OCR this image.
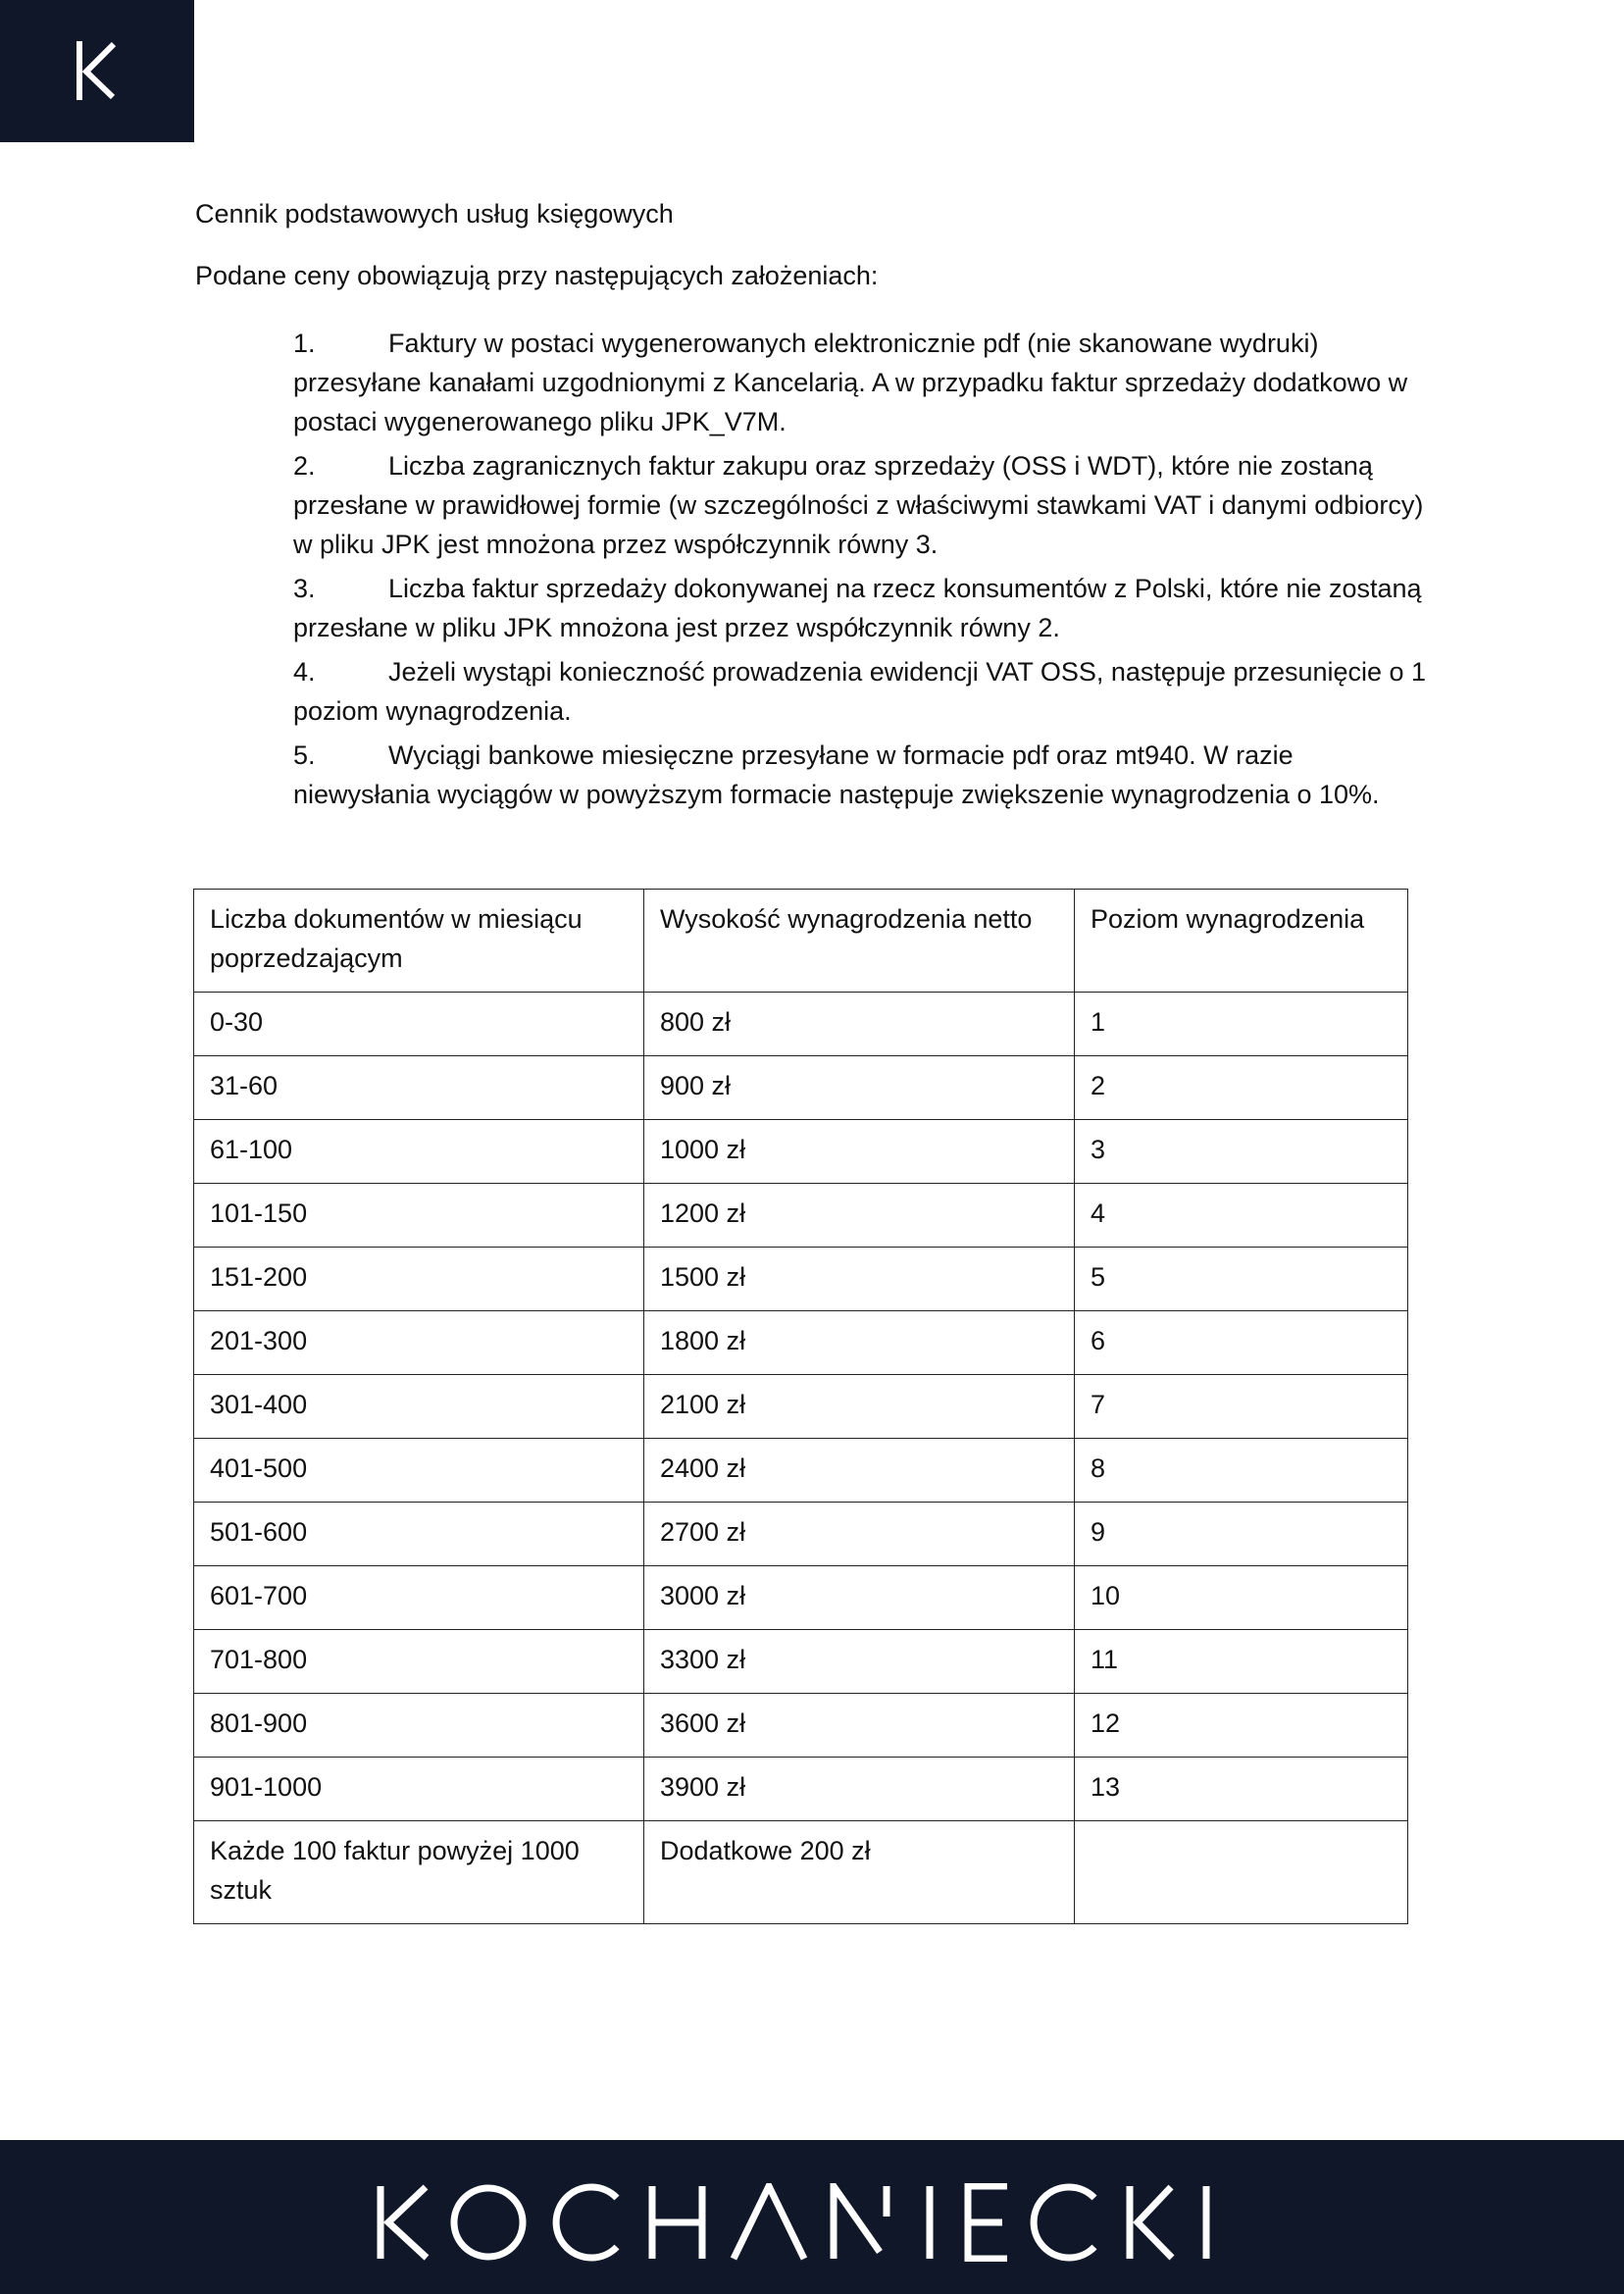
Cennik podstawowych usług księgowych

Podane ceny obowiązują przy następujących założeniach:

1.	Faktury w postaci wygenerowanych elektronicznie pdf (nie skanowane wydruki) przesyłane kanałami uzgodnionymi z Kancelarią. A w przypadku faktur sprzedaży dodatkowo w postaci wygenerowanego pliku JPK_V7M.
2.	Liczba zagranicznych faktur zakupu oraz sprzedaży (OSS i WDT), które nie zostaną przesłane w prawidłowej formie (w szczególności z właściwymi stawkami VAT i danymi odbiorcy) w pliku JPK jest mnożona przez współczynnik równy 3.
3.	Liczba faktur sprzedaży dokonywanej na rzecz konsumentów z Polski, które nie zostaną przesłane w pliku JPK mnożona jest przez współczynnik równy 2.
4.	Jeżeli wystąpi konieczność prowadzenia ewidencji VAT OSS, następuje przesunięcie o 1 poziom wynagrodzenia.
5.	Wyciągi bankowe miesięczne przesyłane w formacie pdf oraz mt940. W razie niewysłania wyciągów w powyższym formacie następuje zwiększenie wynagrodzenia o 10%.
Liczba dokumentów w miesiącu poprzedzającym	Wysokość wynagrodzenia netto	Poziom wynagrodzenia
0-30	800 zł	1
31-60	900 zł	2
61-100	1000 zł	3
101-150	1200 zł	4
151-200	1500 zł	5
201-300	1800 zł	6
301-400	2100 zł	7
401-500	2400 zł	8
501-600	2700 zł	9
601-700	3000 zł	10
701-800	3300 zł	11
801-900	3600 zł	12
901-1000	3900 zł	13
Każde 100 faktur powyżej 1000 sztuk	Dodatkowe 200 zł	
